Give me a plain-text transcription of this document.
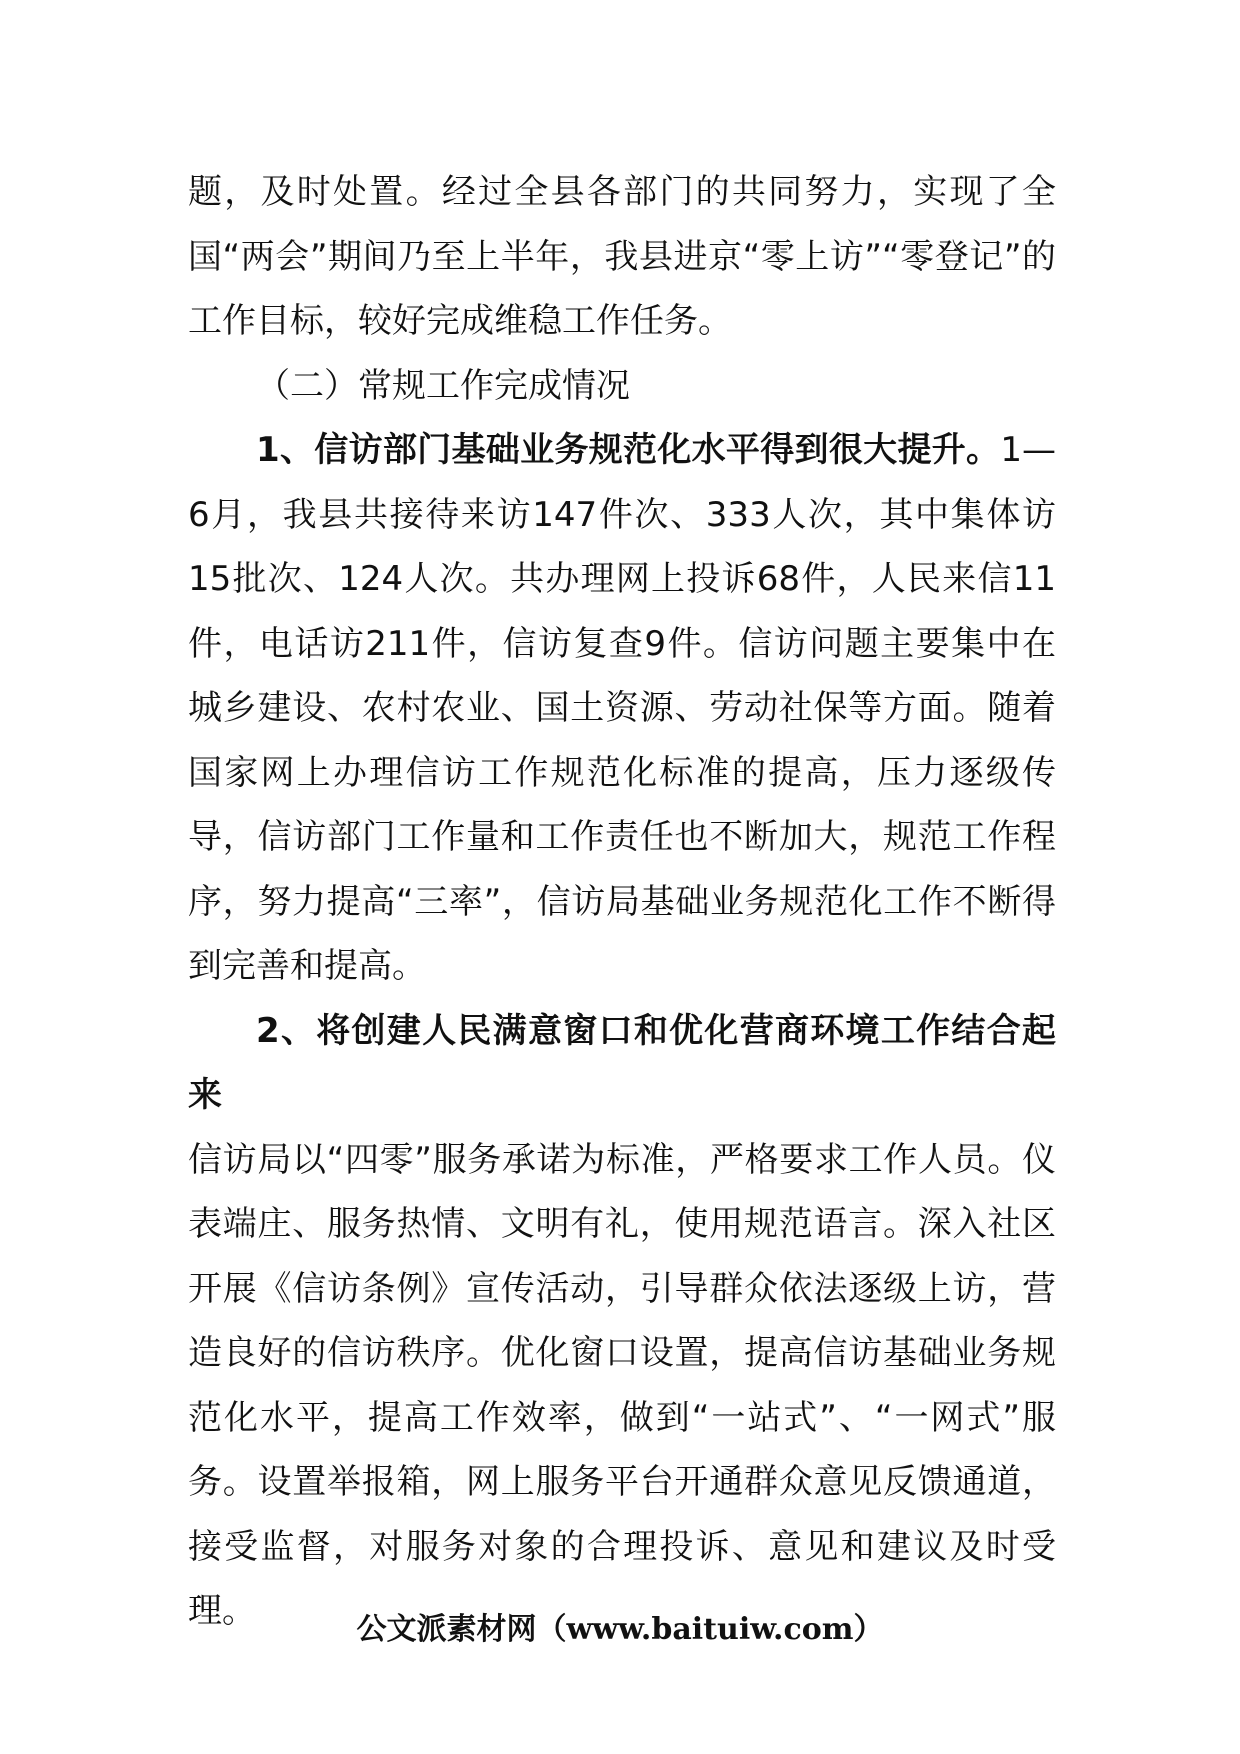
题，及时处置。经过全县各部门的共同努力，实现了全国“两会”期间乃至上半年，我县进京“零上访”“零登记”的工作目标，较好完成维稳工作任务。

（二）常规工作完成情况

1、信访部门基础业务规范化水平得到很大提升。1—6月，我县共接待来访147件次、333人次，其中集体访15批次、124人次。共办理网上投诉68件，人民来信11件，电话访211件，信访复查9件。信访问题主要集中在城乡建设、农村农业、国土资源、劳动社保等方面。随着国家网上办理信访工作规范化标准的提高，压力逐级传导，信访部门工作量和工作责任也不断加大，规范工作程序，努力提高“三率”，信访局基础业务规范化工作不断得到完善和提高。

2、将创建人民满意窗口和优化营商环境工作结合起来

信访局以“四零”服务承诺为标准，严格要求工作人员。仪表端庄、服务热情、文明有礼，使用规范语言。深入社区开展《信访条例》宣传活动，引导群众依法逐级上访，营造良好的信访秩序。优化窗口设置，提高信访基础业务规范化水平，提高工作效率，做到“一站式”、“一网式”服务。设置举报箱，网上服务平台开通群众意见反馈通道，接受监督，对服务对象的合理投诉、意见和建议及时受理。	公文派素材网（www.baituiw.com）
